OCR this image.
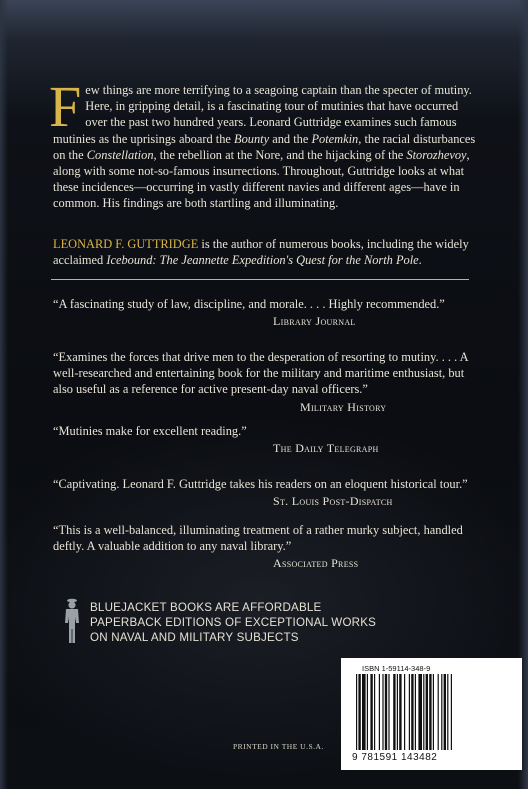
Few things are more terrifying to a seagoing captain than the specter of mutiny. Here, in gripping detail, is a fascinating tour of mutinies that have occurred over the past two hundred years. Leonard Guttridge examines such famous mutinies as the uprisings aboard the Bounty and the Potemkin, the racial disturbances on the Constellation, the rebellion at the Nore, and the hijacking of the Storozhevoy, along with some not-so-famous insurrections. Throughout, Guttridge looks at what these incidences—occurring in vastly different navies and different ages—have in common. His findings are both startling and illuminating.
LEONARD F. GUTTRIDGE is the author of numerous books, including the widely acclaimed Icebound: The Jeannette Expedition's Quest for the North Pole.
“A fascinating study of law, discipline, and morale. . . . Highly recommended.”
Library Journal
“Examines the forces that drive men to the desperation of resorting to mutiny. . . . A well-researched and entertaining book for the military and maritime enthusiast, but also useful as a reference for active present-day naval officers.”
Military History
“Mutinies make for excellent reading.”
The Daily Telegraph
“Captivating. Leonard F. Guttridge takes his readers on an eloquent historical tour.”
St. Louis Post-Dispatch
“This is a well-balanced, illuminating treatment of a rather murky subject, handled deftly. A valuable addition to any naval library.”
Associated Press
BLUEJACKET BOOKS ARE AFFORDABLE
PAPERBACK EDITIONS OF EXCEPTIONAL WORKS
ON NAVAL AND MILITARY SUBJECTS
PRINTED IN THE U.S.A.
ISBN 1-59114-348-9
9 781591 143482
